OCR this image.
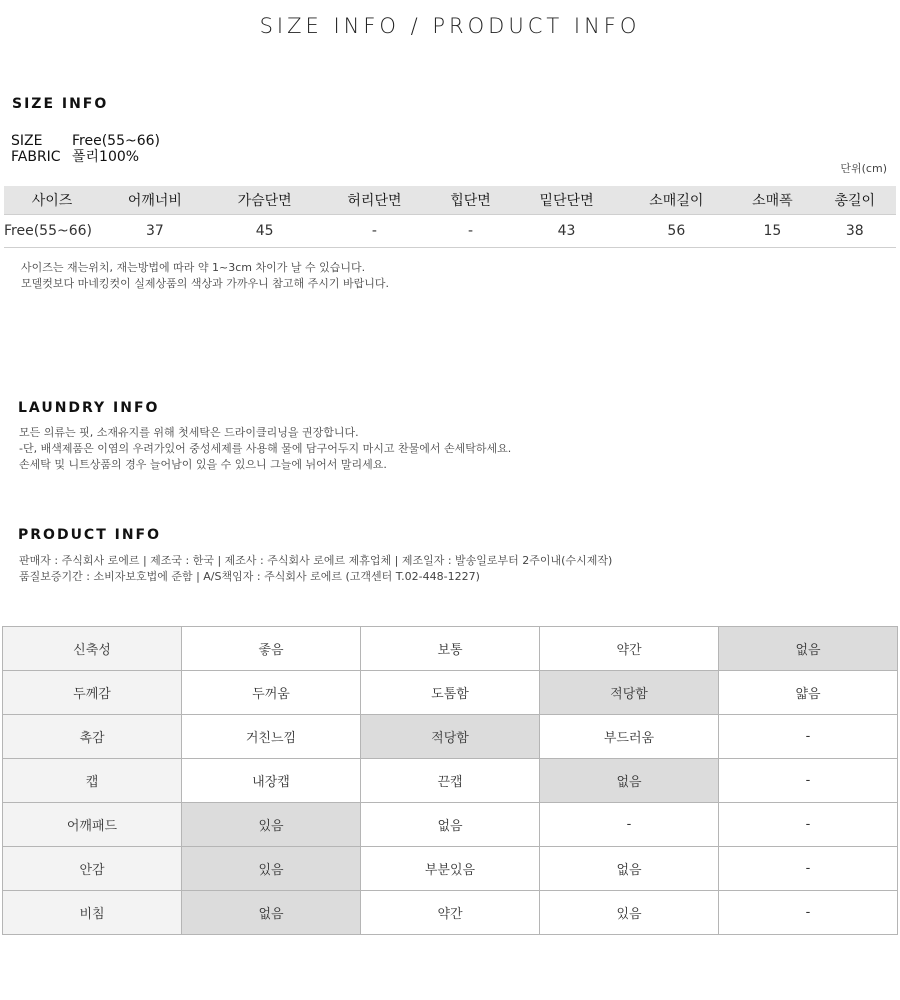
SIZE INFO / PRODUCT INFO
SIZE INFO
SIZE	Free(55~66)
FABRIC 폴리100%
단위(cm)
사이즈	어깨너비	가슴단면	허리단면	힙단면	밑단단면	소매길이	소매폭	총길이
Free(55~66)	37	45	-	-	43	56	15	38
사이즈는 재는위치, 재는방법에 따라 약 1~3cm 차이가 날 수 있습니다.
모델컷보다 마네킹컷이 실제상품의 색상과 가까우니 참고해 주시기 바랍니다.
LAUNDRY INFO
모든 의류는 핏, 소재유지를 위해 첫세탁은 드라이클리닝을 권장합니다.
-단, 배색제품은 이염의 우려가있어 중성세제를 사용해 물에 담구어두지 마시고 찬물에서 손세탁하세요.
손세탁 및 니트상품의 경우 늘어남이 있을 수 있으니 그늘에 뉘어서 말리세요.
PRODUCT INFO
판매자 : 주식회사 로에르 | 제조국 : 한국 | 제조사 : 주식회사 로에르 제휴업체 | 제조일자 : 발송일로부터 2주이내(수시제작)
품질보증기간 : 소비자보호법에 준함 | A/S책임자 : 주식회사 로에르 (고객센터 T.02-448-1227)
신축성	좋음	보통	약간	없음
두께감	두꺼움	도톰함	적당함	얇음
촉감	거친느낌	적당함	부드러움	-
캡	내장캡	끈캡	없음	-
어깨패드	있음	없음	-	-
안감	있음	부분있음	없음	-
비침	없음	약간	있음	-
